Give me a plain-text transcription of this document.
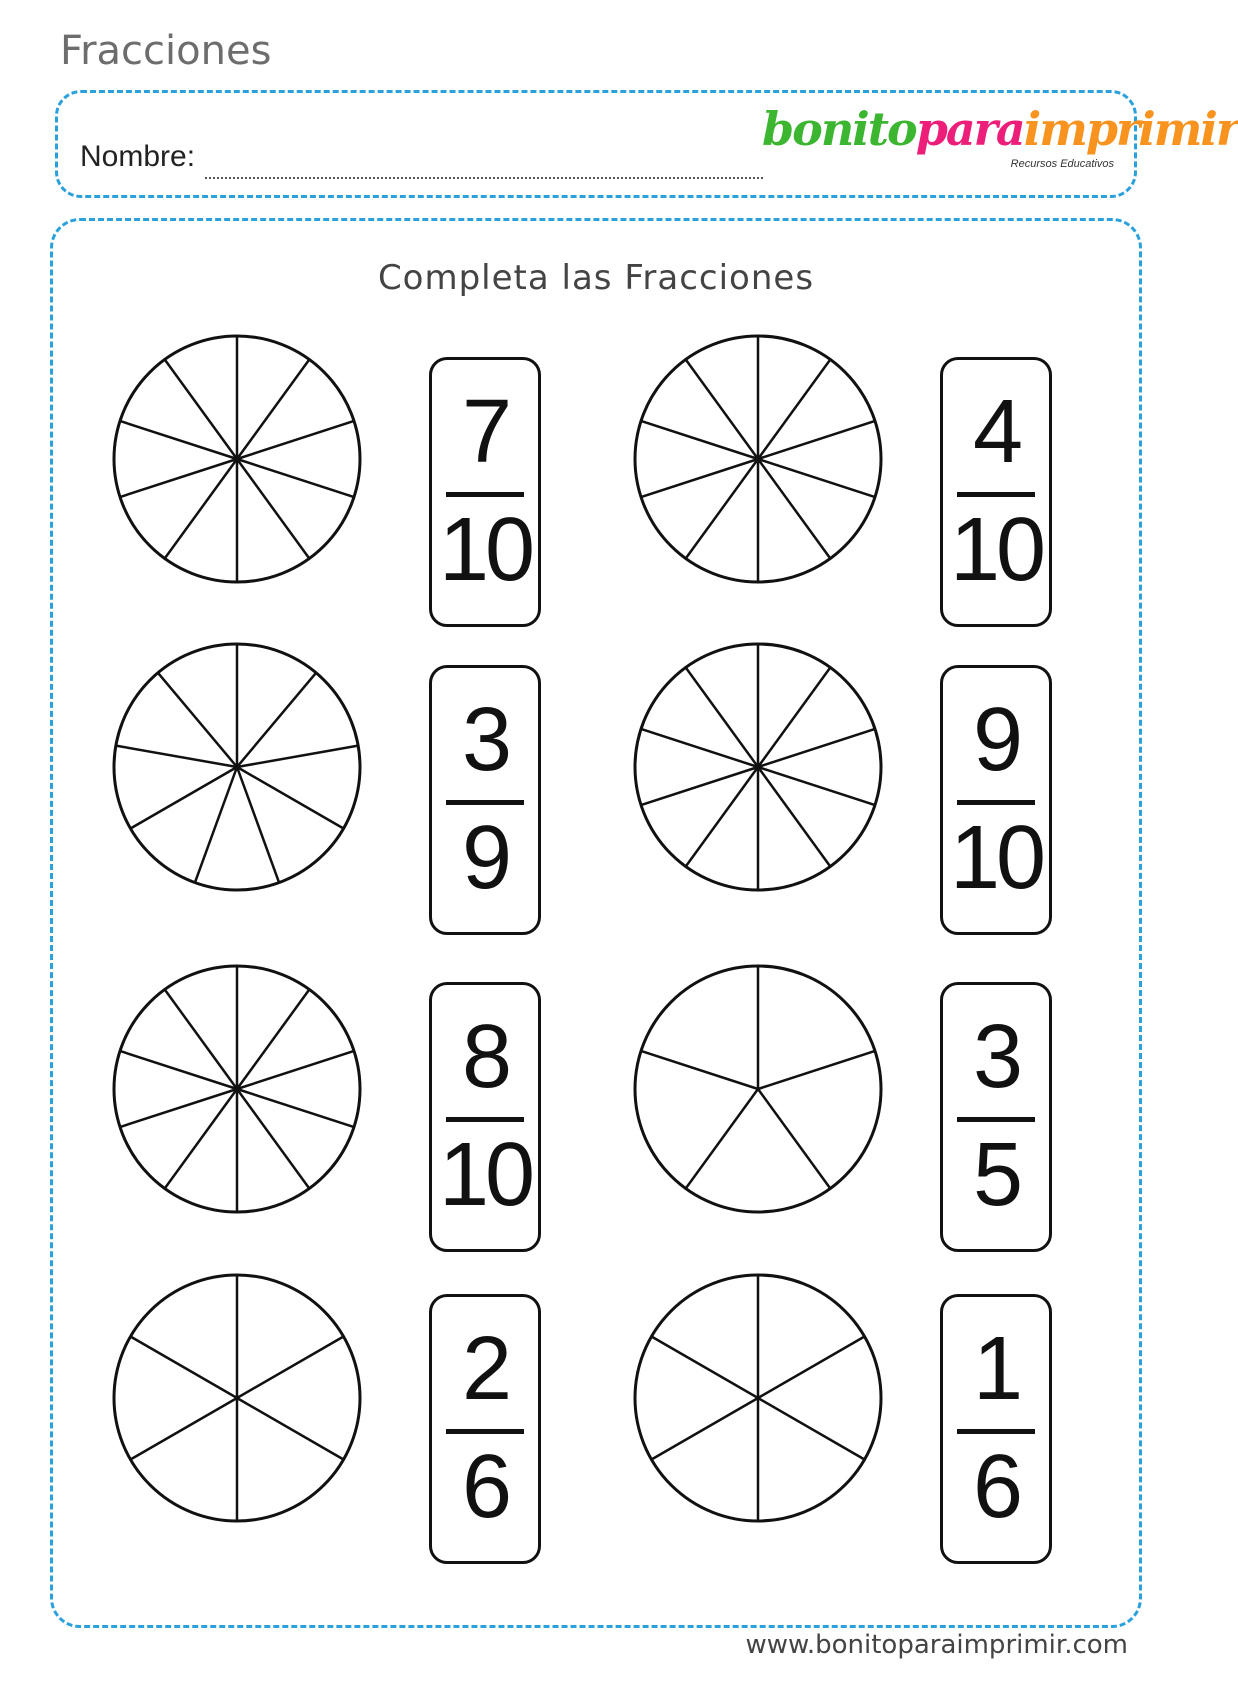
Fracciones
Nombre:
bonitoparaimprimir
Recursos Educativos
Completa las Fracciones
7
10
4
10
3
9
9
10
8
10
3
5
2
6
1
6
www.bonitoparaimprimir.com
